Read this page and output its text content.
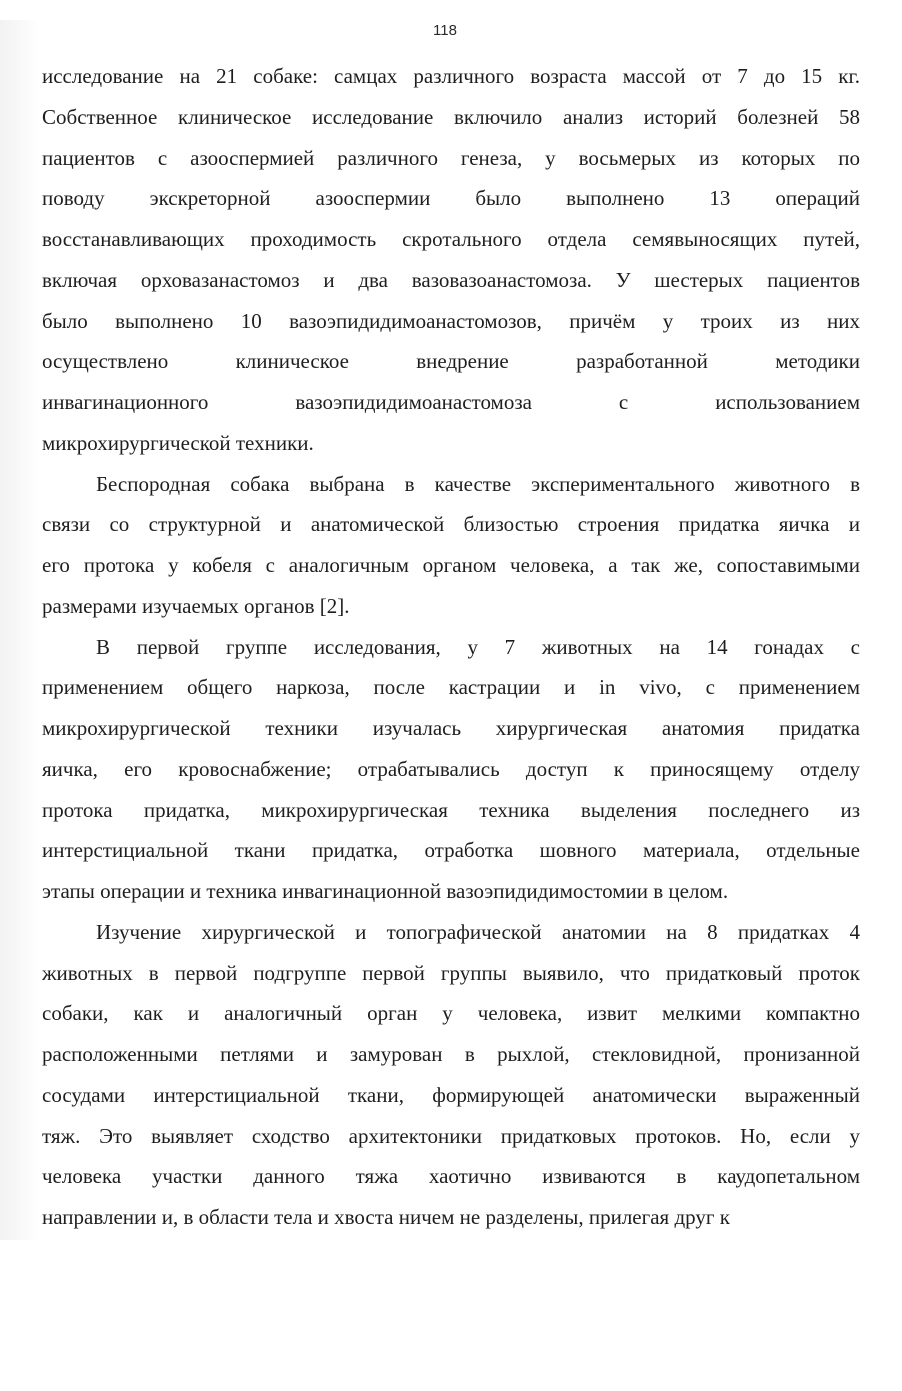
118
исследование на 21 собаке: самцах различного возраста массой от 7 до 15 кг.
Собственное клиническое исследование включило анализ историй болезней 58
пациентов с азооспермией различного генеза, у восьмерых из которых по
поводу экскреторной азооспермии было выполнено 13 операций
восстанавливающих проходимость скротального отдела семявыносящих путей,
включая орховазанастомоз и два вазовазоанастомоза. У шестерых пациентов
было выполнено 10 вазоэпидидимоанастомозов, причём у троих из них
осуществлено клиническое внедрение разработанной методики
инвагинационного вазоэпидидимоанастомоза с использованием
микрохирургической техники.
Беспородная собака выбрана в качестве экспериментального животного в
связи со структурной и анатомической близостью строения придатка яичка и
его протока у кобеля с аналогичным органом человека, а так же, сопоставимыми
размерами изучаемых органов [2].
В первой группе исследования, у 7 животных на 14 гонадах с
применением общего наркоза, после кастрации и in vivo, с применением
микрохирургической техники изучалась хирургическая анатомия придатка
яичка, его кровоснабжение; отрабатывались доступ к приносящему отделу
протока придатка, микрохирургическая техника выделения последнего из
интерстициальной ткани придатка, отработка шовного материала, отдельные
этапы операции и техника инвагинационной вазоэпидидимостомии в целом.
Изучение хирургической и топографической анатомии на 8 придатках 4
животных в первой подгруппе первой группы выявило, что придатковый проток
собаки, как и аналогичный орган у человека, извит мелкими компактно
расположенными петлями и замурован в рыхлой, стекловидной, пронизанной
сосудами интерстициальной ткани, формирующей анатомически выраженный
тяж. Это выявляет сходство архитектоники придатковых протоков. Но, если у
человека участки данного тяжа хаотично извиваются в каудопетальном
направлении и, в области тела и хвоста ничем не разделены, прилегая друг к
